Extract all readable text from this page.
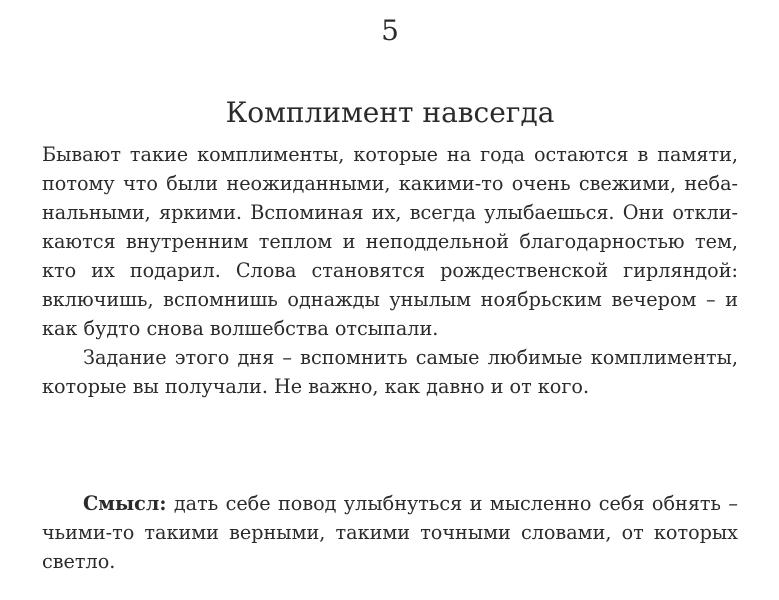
5
Комплимент навсегда

Бывают такие комплименты, которые на года остаются в памяти, потому что были неожиданными, какими-то очень свежими, небанальными, яркими. Вспоминая их, всегда улыбаешься. Они откликаются внутренним теплом и неподдельной благодарностью тем, кто их подарил. Слова становятся рождественской гирляндой: включишь, вспомнишь однажды унылым ноябрьским вечером – и как будто снова волшебства отсыпали.

Задание этого дня – вспомнить самые любимые комплименты, которые вы получали. Не важно, как давно и от кого.

Смысл: дать себе повод улыбнуться и мысленно себя обнять – чьими-то такими верными, такими точными словами, от которых светло.
